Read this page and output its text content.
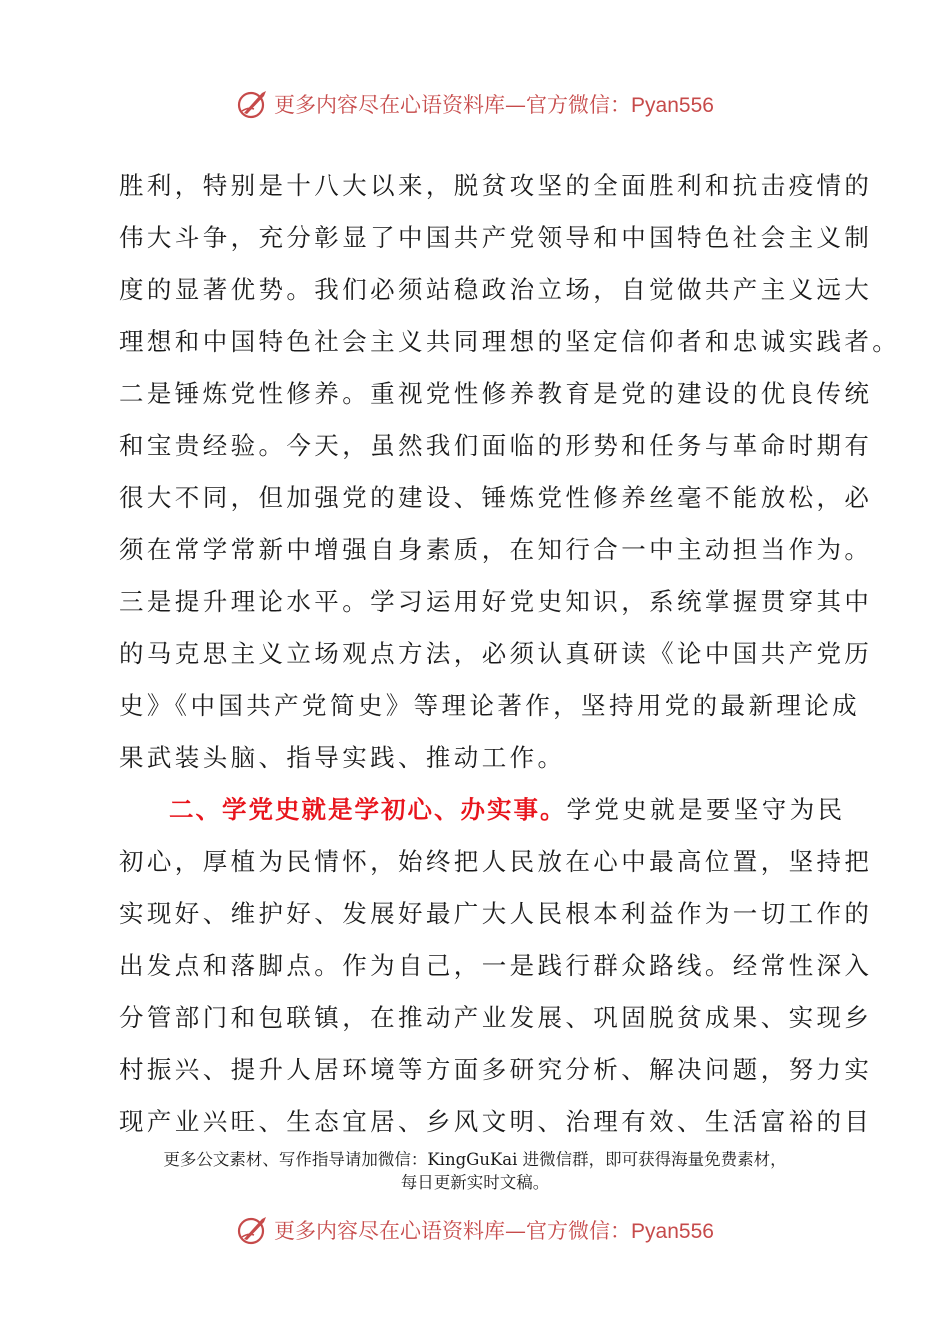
更多内容尽在心语资料库—官方微信：Pyan556
胜利，特别是十八大以来，脱贫攻坚的全面胜利和抗击疫情的
伟大斗争，充分彰显了中国共产党领导和中国特色社会主义制
度的显著优势。我们必须站稳政治立场，自觉做共产主义远大
理想和中国特色社会主义共同理想的坚定信仰者和忠诚实践者。
二是锤炼党性修养。重视党性修养教育是党的建设的优良传统
和宝贵经验。今天，虽然我们面临的形势和任务与革命时期有
很大不同，但加强党的建设、锤炼党性修养丝毫不能放松，必
须在常学常新中增强自身素质，在知行合一中主动担当作为。
三是提升理论水平。学习运用好党史知识，系统掌握贯穿其中
的马克思主义立场观点方法，必须认真研读《论中国共产党历
史》《中国共产党简史》等理论著作，坚持用党的最新理论成
果武装头脑、指导实践、推动工作。
二、学党史就是学初心、办实事。学党史就是要坚守为民
初心，厚植为民情怀，始终把人民放在心中最高位置，坚持把
实现好、维护好、发展好最广大人民根本利益作为一切工作的
出发点和落脚点。作为自己，一是践行群众路线。经常性深入
分管部门和包联镇，在推动产业发展、巩固脱贫成果、实现乡
村振兴、提升人居环境等方面多研究分析、解决问题，努力实
现产业兴旺、生态宜居、乡风文明、治理有效、生活富裕的目
更多公文素材、写作指导请加微信：KingGuKai 进微信群，即可获得海量免费素材，
每日更新实时文稿。
更多内容尽在心语资料库—官方微信：Pyan556
